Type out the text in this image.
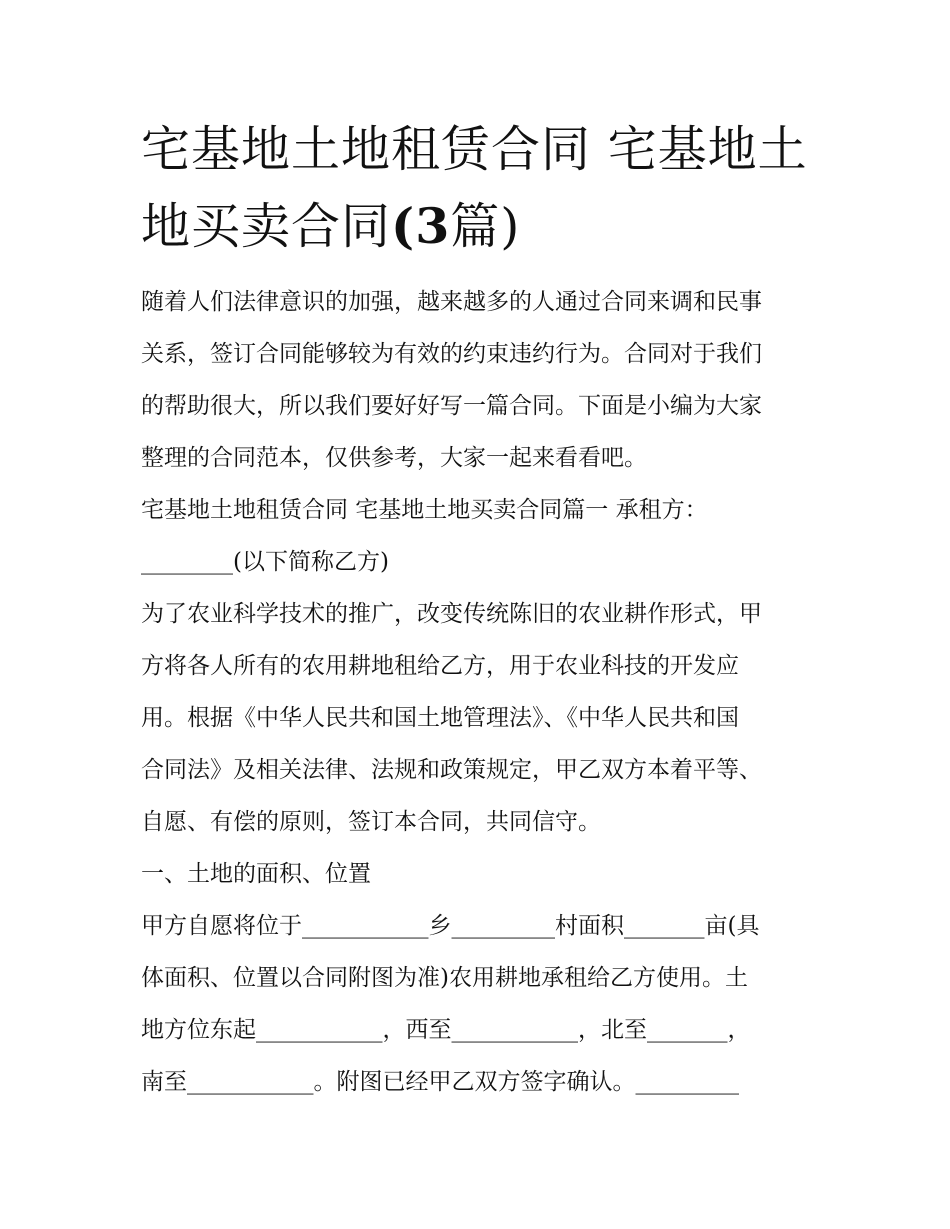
宅基地土地租赁合同 宅基地土
地买卖合同(3篇)
随着人们法律意识的加强，越来越多的人通过合同来调和民事
关系，签订合同能够较为有效的约束违约行为。合同对于我们
的帮助很大，所以我们要好好写一篇合同。下面是小编为大家
整理的合同范本，仅供参考，大家一起来看看吧。
宅基地土地租赁合同 宅基地土地买卖合同篇一 承租方：
________(以下简称乙方)
为了农业科学技术的推广，改变传统陈旧的农业耕作形式，甲
方将各人所有的农用耕地租给乙方，用于农业科技的开发应
用。根据《中华人民共和国土地管理法》、《中华人民共和国
合同法》及相关法律、法规和政策规定，甲乙双方本着平等、
自愿、有偿的原则，签订本合同，共同信守。
一、土地的面积、位置
甲方自愿将位于___________乡_________村面积_______亩(具
体面积、位置以合同附图为准)农用耕地承租给乙方使用。土
地方位东起___________，西至___________，北至_______，
南至___________。附图已经甲乙双方签字确认。_________
